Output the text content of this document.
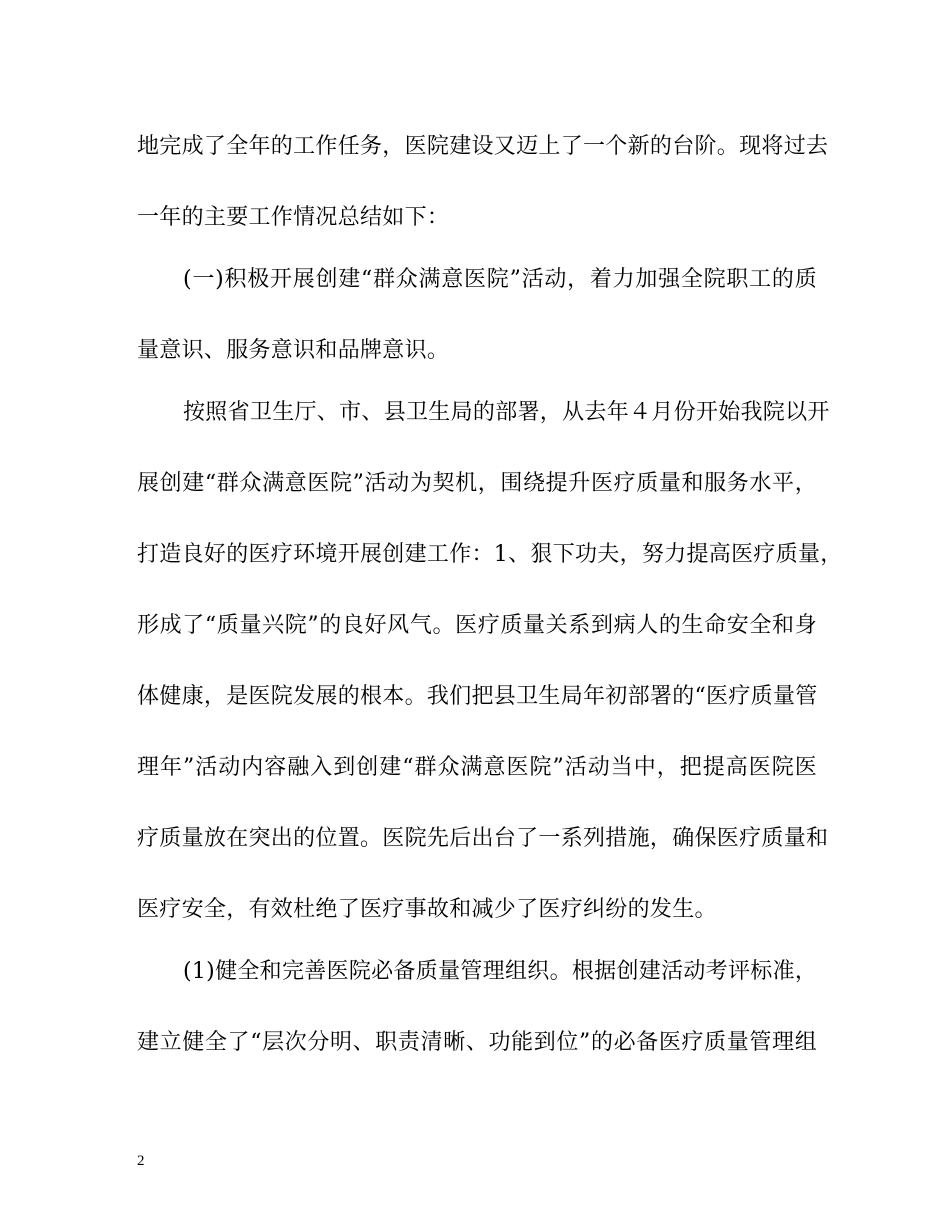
地完成了全年的工作任务，医院建设又迈上了一个新的台阶。现将过去
一年的主要工作情况总结如下：
(一)积极开展创建“群众满意医院”活动，着力加强全院职工的质
量意识、服务意识和品牌意识。
按照省卫生厅、市、县卫生局的部署，从去年４月份开始我院以开
展创建“群众满意医院”活动为契机，围绕提升医疗质量和服务水平，
打造良好的医疗环境开展创建工作：1、狠下功夫，努力提高医疗质量，
形成了“质量兴院”的良好风气。医疗质量关系到病人的生命安全和身
体健康，是医院发展的根本。我们把县卫生局年初部署的“医疗质量管
理年”活动内容融入到创建“群众满意医院”活动当中，把提高医院医
疗质量放在突出的位置。医院先后出台了一系列措施，确保医疗质量和
医疗安全，有效杜绝了医疗事故和减少了医疗纠纷的发生。
(1)健全和完善医院必备质量管理组织。根据创建活动考评标准，
建立健全了“层次分明、职责清晰、功能到位”的必备医疗质量管理组
2
